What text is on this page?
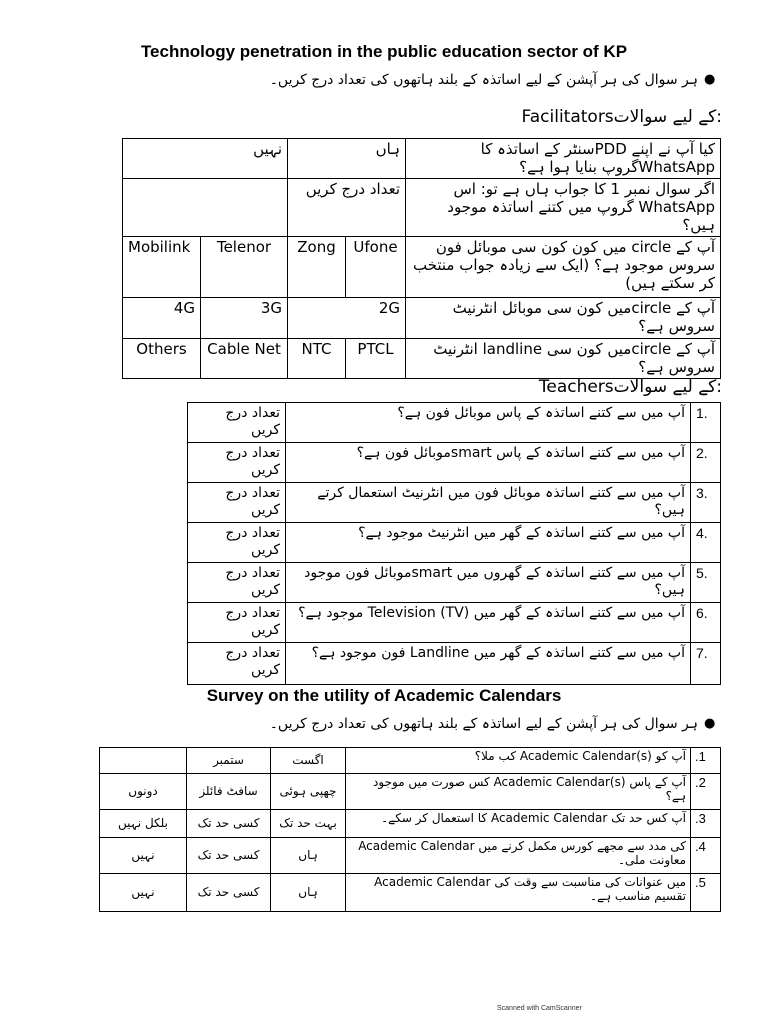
Technology penetration in the public education sector of KP
ہر سوال کی ہر آپشن کے لیے اساتذہ کے بلند ہاتھوں کی تعداد درج کریں۔ ●
Facilitatorsکے لیے سوالات:
نہیں		ہاں		کیا آپ نے اپنے PDDسنٹر کے اساتذہ کا WhatsAppگروپ بنایا ہوا ہے؟
		تعداد درج کریں		اگر سوال نمبر 1 کا جواب ہاں ہے تو: اس WhatsApp گروپ میں کتنے اساتذہ موجود ہیں؟
Mobilink	Telenor	Zong	Ufone	آپ کے circle میں کون کون سی موبائل فون سروس موجود ہے؟ (ایک سے زیادہ جواب منتخب کر سکتے ہیں)
4G	3G	2G		آپ کے circleمیں کون سی موبائل انٹرنیٹ سروس ہے؟
Others	Cable Net	NTC	PTCL	آپ کے circleمیں کون سی landline انٹرنیٹ سروس ہے؟
Teachersکے لیے سوالات:
تعداد درج کریں	آپ میں سے کتنے اساتذہ کے پاس موبائل فون ہے؟	1.
تعداد درج کریں	آپ میں سے کتنے اساتذہ کے پاس smartموبائل فون ہے؟	2.
تعداد درج کریں	آپ میں سے کتنے اساتذہ موبائل فون میں انٹرنیٹ استعمال کرتے ہیں؟	3.
تعداد درج کریں	آپ میں سے کتنے اساتذہ کے گھر میں انٹرنیٹ موجود ہے؟	4.
تعداد درج کریں	آپ میں سے کتنے اساتذہ کے گھروں میں smartموبائل فون موجود ہیں؟	5.
تعداد درج کریں	آپ میں سے کتنے اساتذہ کے گھر میں Television (TV) موجود ہے؟	6.
تعداد درج کریں	آپ میں سے کتنے اساتذہ کے گھر میں Landline فون موجود ہے؟	7.
Survey on the utility of Academic Calendars
ہر سوال کی ہر آپشن کے لیے اساتذہ کے بلند ہاتھوں کی تعداد درج کریں۔ ●
	ستمبر	اگست	آپ کو Academic Calendar(s) کب ملا؟	.1
دونوں	سافٹ فائلز	چھپی ہوئی	آپ کے پاس Academic Calendar(s) کس صورت میں موجود ہے؟	.2
بلکل نہیں	کسی حد تک	بہت حد تک	آپ کس حد تک Academic Calendar کا استعمال کر سکے۔	.3
نہیں	کسی حد تک	ہاں	Academic Calendar کی مدد سے مجھے کورس مکمل کرنے میں معاونت ملی۔	.4
نہیں	کسی حد تک	ہاں	Academic Calendar میں عنوانات کی مناسبت سے وقت کی تقسیم مناسب ہے۔	.5
Scanned with CamScanner
